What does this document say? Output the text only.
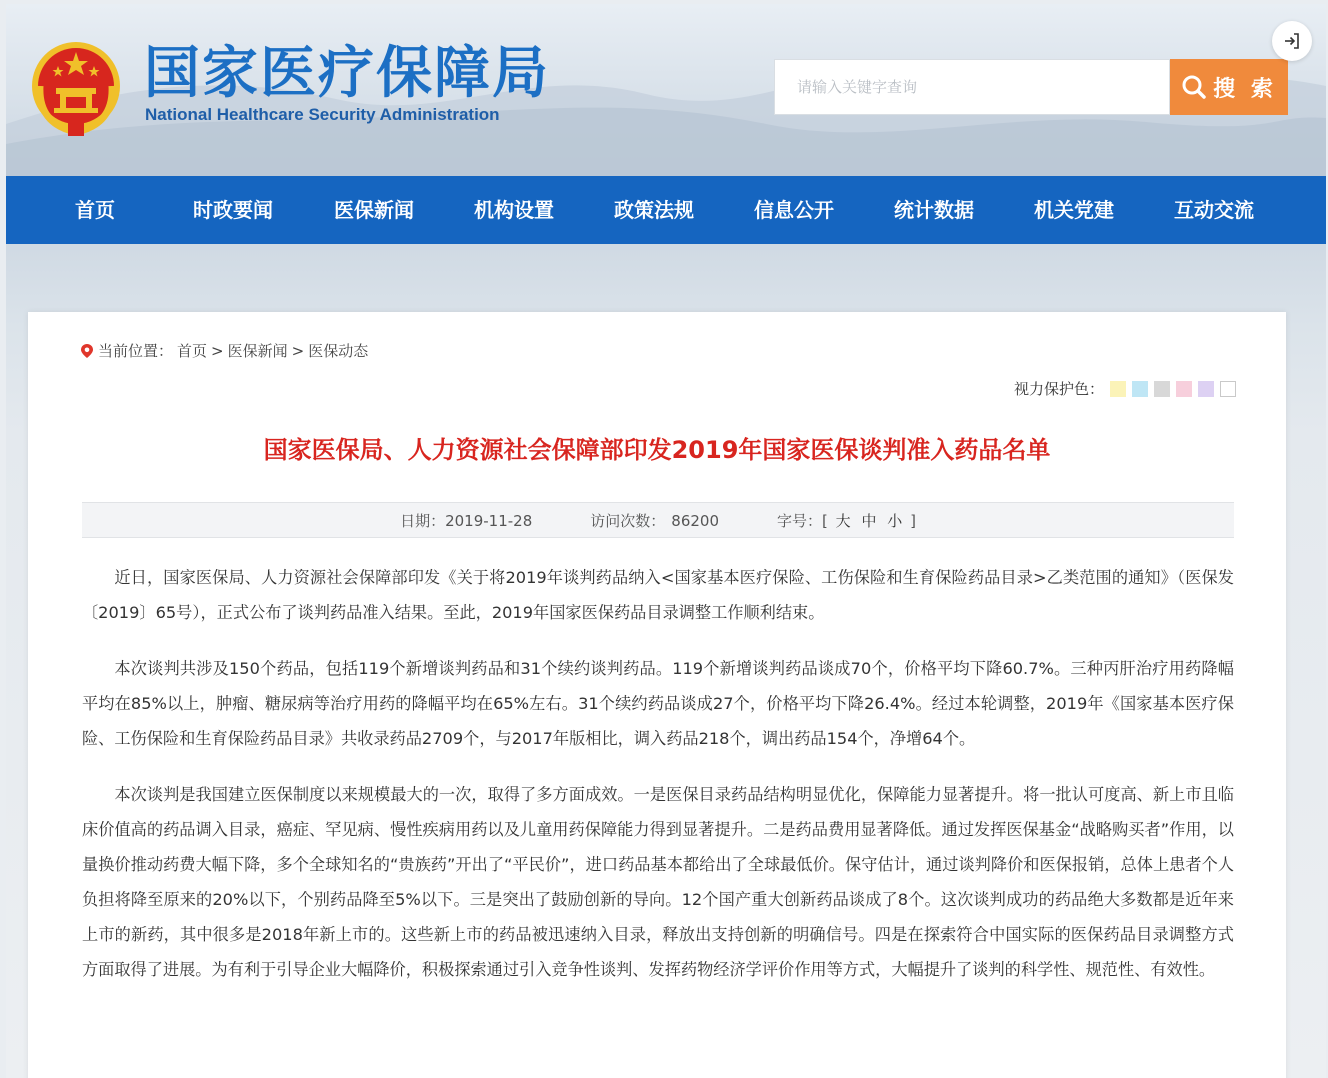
国家医疗保障局
National Healthcare Security Administration
请输入关键字查询
搜 索
首页	时政要闻	医保新闻	机构设置	政策法规	信息公开	统计数据	机关党建	互动交流
当前位置： 首页 > 医保新闻 > 医保动态
视力保护色：
国家医保局、人力资源社会保障部印发2019年国家医保谈判准入药品名单
日期：2019-11-28	访问次数： 86200	字号：[ 大 中 小 ]

近日，国家医保局、人力资源社会保障部印发《关于将2019年谈判药品纳入<国家基本医疗保险、工伤保险和生育保险药品目录>乙类范围的通知》（医保发〔2019〕65号），正式公布了谈判药品准入结果。至此，2019年国家医保药品目录调整工作顺利结束。

本次谈判共涉及150个药品，包括119个新增谈判药品和31个续约谈判药品。119个新增谈判药品谈成70个，价格平均下降60.7%。三种丙肝治疗用药降幅平均在85%以上，肿瘤、糖尿病等治疗用药的降幅平均在65%左右。31个续约药品谈成27个，价格平均下降26.4%。经过本轮调整，2019年《国家基本医疗保险、工伤保险和生育保险药品目录》共收录药品2709个，与2017年版相比，调入药品218个，调出药品154个，净增64个。

本次谈判是我国建立医保制度以来规模最大的一次，取得了多方面成效。一是医保目录药品结构明显优化，保障能力显著提升。将一批认可度高、新上市且临床价值高的药品调入目录，癌症、罕见病、慢性疾病用药以及儿童用药保障能力得到显著提升。二是药品费用显著降低。通过发挥医保基金“战略购买者”作用，以量换价推动药费大幅下降，多个全球知名的“贵族药”开出了“平民价”，进口药品基本都给出了全球最低价。保守估计，通过谈判降价和医保报销，总体上患者个人负担将降至原来的20%以下，个别药品降至5%以下。三是突出了鼓励创新的导向。12个国产重大创新药品谈成了8个。这次谈判成功的药品绝大多数都是近年来上市的新药，其中很多是2018年新上市的。这些新上市的药品被迅速纳入目录，释放出支持创新的明确信号。四是在探索符合中国实际的医保药品目录调整方式方面取得了进展。为有利于引导企业大幅降价，积极探索通过引入竞争性谈判、发挥药物经济学评价作用等方式，大幅提升了谈判的科学性、规范性、有效性。
